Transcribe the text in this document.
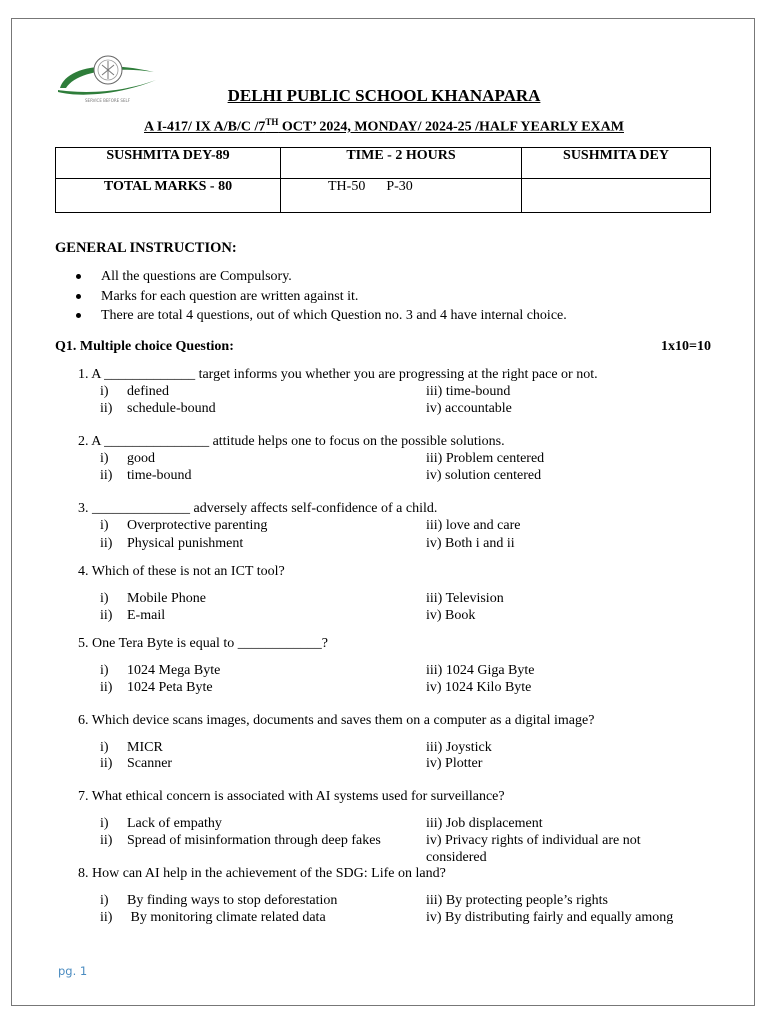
SERVICE BEFORE SELF	DELHI PUBLIC SCHOOL KHANAPARA
A I-417/ IX A/B/C /7TH OCT’ 2024, MONDAY/ 2024-25 /HALF YEARLY EXAM
SUSHMITA DEY-89	TIME - 2 HOURS	SUSHMITA DEY
TOTAL MARKS - 80	TH-50 P-30	
GENERAL INSTRUCTION:
All the questions are Compulsory.
Marks for each question are written against it.
There are total 4 questions, out of which Question no. 3 and 4 have internal choice.
Q1. Multiple choice Question:	1x10=10
1. A _____________ target informs you whether you are progressing at the right pace or not.
i) defined
ii) schedule-bound
iii) time-bound
iv) accountable
2. A _______________ attitude helps one to focus on the possible solutions.
i) good
ii) time-bound
iii) Problem centered
iv) solution centered
3. ______________ adversely affects self-confidence of a child.
i) Overprotective parenting
ii) Physical punishment
iii) love and care
iv) Both i and ii
4. Which of these is not an ICT tool?
i) Mobile Phone
ii) E-mail
iii) Television
iv) Book
5. One Tera Byte is equal to ____________?
i) 1024 Mega Byte
ii) 1024 Peta Byte
iii) 1024 Giga Byte
iv) 1024 Kilo Byte
6. Which device scans images, documents and saves them on a computer as a digital image?
i) MICR
ii) Scanner
iii) Joystick
iv) Plotter
7. What ethical concern is associated with AI systems used for surveillance?
i) Lack of empathy
ii) Spread of misinformation through deep fakes
iii) Job displacement
iv) Privacy rights of individual are not considered
8. How can AI help in the achievement of the SDG: Life on land?
i) By finding ways to stop deforestation
ii) By monitoring climate related data
iii) By protecting people’s rights
iv) By distributing fairly and equally among
pg. 1
